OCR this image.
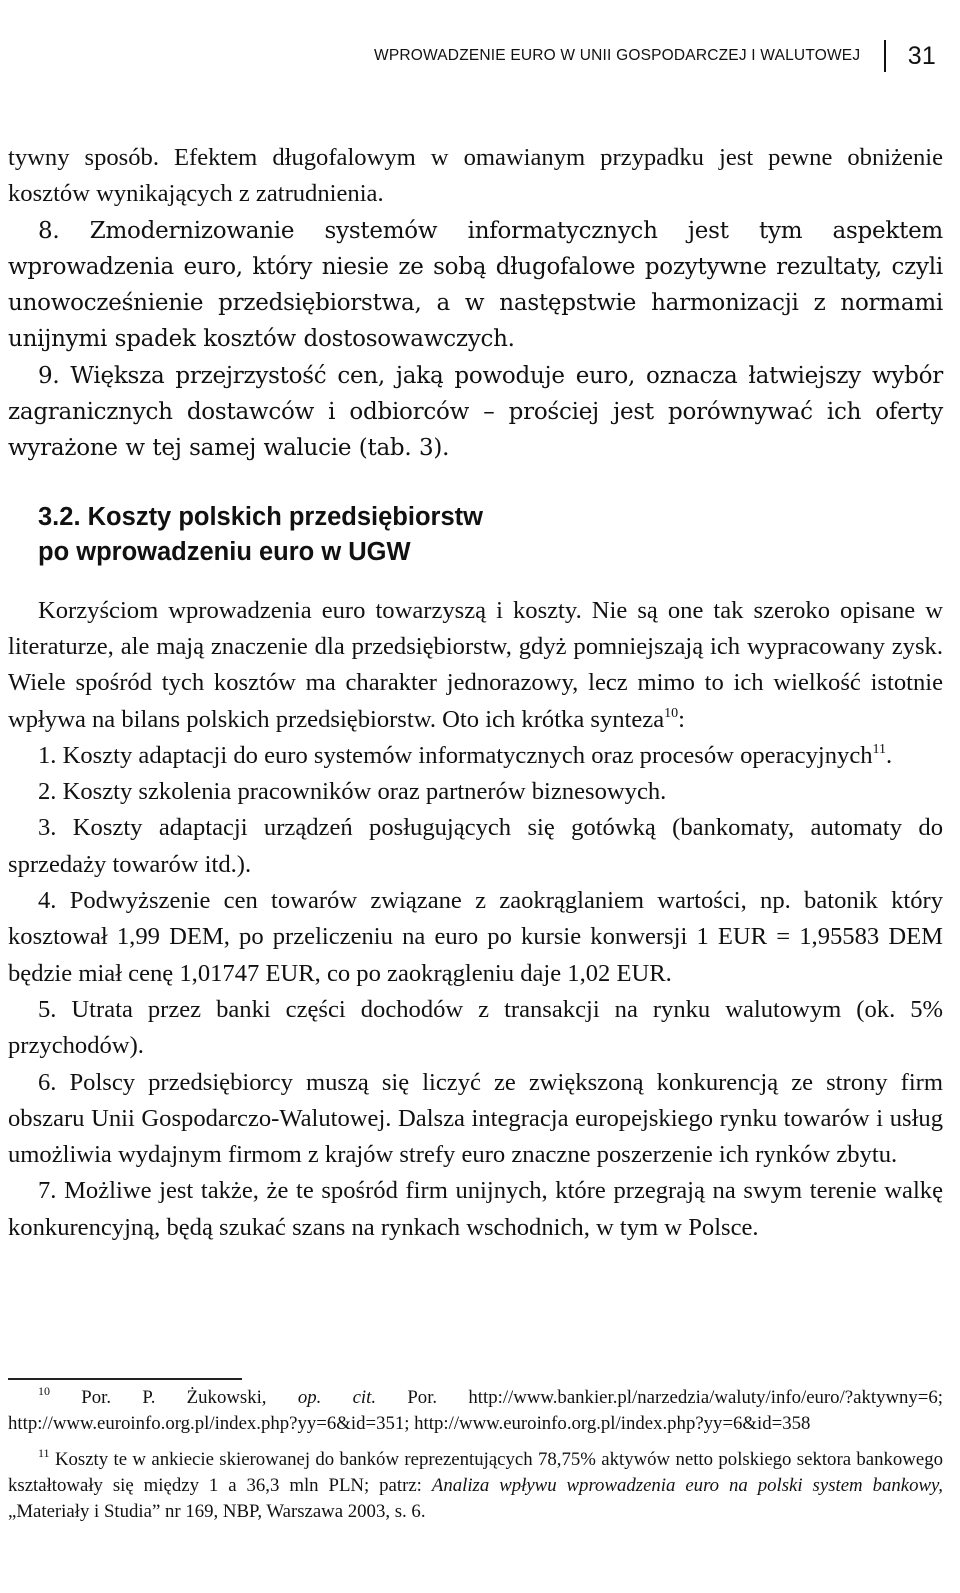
WPROWADZENIE EURO W UNII GOSPODARCZEJ I WALUTOWEJ 31

tywny sposób. Efektem długofalowym w omawianym przypadku jest pewne obniżenie kosztów wynikających z zatrudnienia.

8. Zmodernizowanie systemów informatycznych jest tym aspektem wprowadzenia euro, który niesie ze sobą długofalowe pozytywne rezultaty, czyli unowocześnienie przedsiębiorstwa, a w następstwie harmonizacji z normami unijnymi spadek kosztów dostosowawczych.

9. Większa przejrzystość cen, jaką powoduje euro, oznacza łatwiejszy wybór zagranicznych dostawców i odbiorców – prościej jest porównywać ich oferty wyrażone w tej samej walucie (tab. 3).

3.2. Koszty polskich przedsiębiorstw
po wprowadzeniu euro w UGW

Korzyściom wprowadzenia euro towarzyszą i koszty. Nie są one tak szeroko opisane w literaturze, ale mają znaczenie dla przedsiębiorstw, gdyż pomniejszają ich wypracowany zysk. Wiele spośród tych kosztów ma charakter jednorazowy, lecz mimo to ich wielkość istotnie wpływa na bilans polskich przedsiębiorstw. Oto ich krótka synteza$^{10}$:

1. Koszty adaptacji do euro systemów informatycznych oraz procesów operacyjnych$^{11}$.

2. Koszty szkolenia pracowników oraz partnerów biznesowych.

3. Koszty adaptacji urządzeń posługujących się gotówką (bankomaty, automaty do sprzedaży towarów itd.).

4. Podwyższenie cen towarów związane z zaokrąglaniem wartości, np. batonik który kosztował 1,99 DEM, po przeliczeniu na euro po kursie konwersji 1 EUR = 1,95583 DEM będzie miał cenę 1,01747 EUR, co po zaokrągleniu daje 1,02 EUR.

5. Utrata przez banki części dochodów z transakcji na rynku walutowym (ok. 5% przychodów).

6. Polscy przedsiębiorcy muszą się liczyć ze zwiększoną konkurencją ze strony firm obszaru Unii Gospodarczo-Walutowej. Dalsza integracja europejskiego rynku towarów i usług umożliwia wydajnym firmom z krajów strefy euro znaczne poszerzenie ich rynków zbytu.

7. Możliwe jest także, że te spośród firm unijnych, które przegrają na swym terenie walkę konkurencyjną, będą szukać szans na rynkach wschodnich, w tym w Polsce.

$^{10}$ Por. P. Żukowski, op. cit. Por. http://www.bankier.pl/narzedzia/waluty/info/euro/?aktywny=6; http://www.euroinfo.org.pl/index.php?yy=6&id=351; http://www.euroinfo.org.pl/index.php?yy=6&id=358

$^{11}$ Koszty te w ankiecie skierowanej do banków reprezentujących 78,75% aktywów netto polskiego sektora bankowego kształtowały się między 1 a 36,3 mln PLN; patrz: Analiza wpływu wprowadzenia euro na polski system bankowy, „Materiały i Studia” nr 169, NBP, Warszawa 2003, s. 6.
